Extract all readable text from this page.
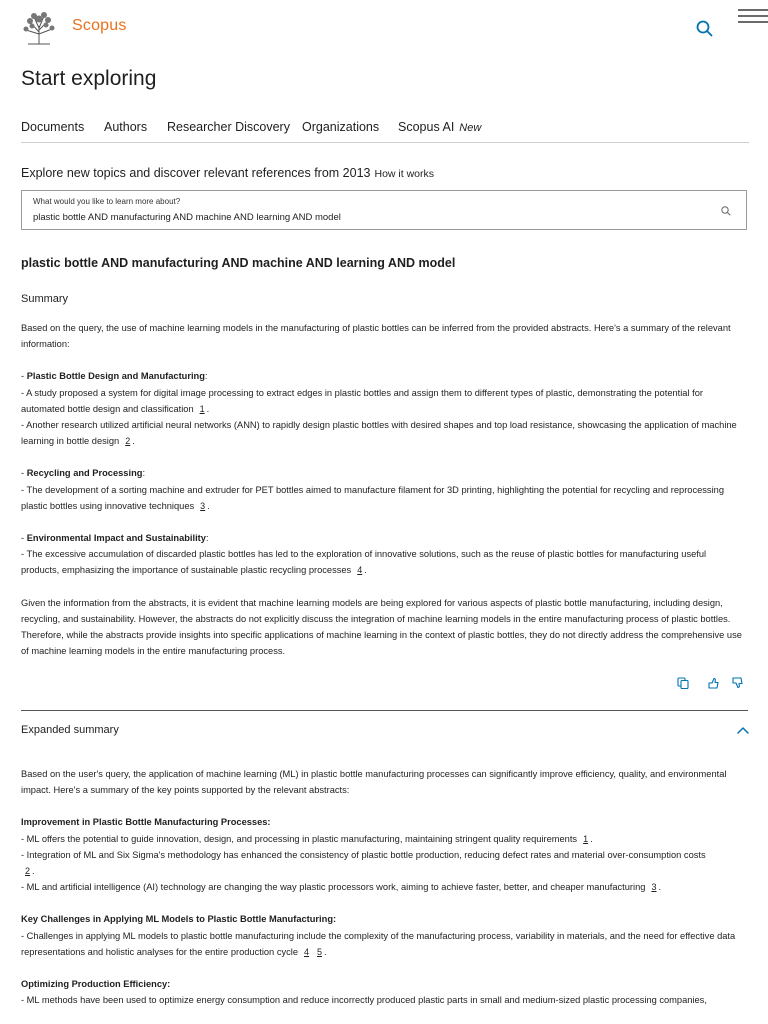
Scopus
Start exploring
Documents Authors Researcher Discovery Organizations Scopus AI New
Explore new topics and discover relevant references from 2013 How it works
What would you like to learn more about?
plastic bottle AND manufacturing AND machine AND learning AND model
plastic bottle AND manufacturing AND machine AND learning AND model
Summary

Based on the query, the use of machine learning models in the manufacturing of plastic bottles can be inferred from the provided abstracts. Here's a summary of the relevant information:

- Plastic Bottle Design and Manufacturing:
- A study proposed a system for digital image processing to extract edges in plastic bottles and assign them to different types of plastic, demonstrating the potential for automated bottle design and classification 1 .
- Another research utilized artificial neural networks (ANN) to rapidly design plastic bottles with desired shapes and top load resistance, showcasing the application of machine learning in bottle design 2 .
- Recycling and Processing:
- The development of a sorting machine and extruder for PET bottles aimed to manufacture filament for 3D printing, highlighting the potential for recycling and reprocessing plastic bottles using innovative techniques 3 .
- Environmental Impact and Sustainability:
- The excessive accumulation of discarded plastic bottles has led to the exploration of innovative solutions, such as the reuse of plastic bottles for manufacturing useful products, emphasizing the importance of sustainable plastic recycling processes 4 .

Given the information from the abstracts, it is evident that machine learning models are being explored for various aspects of plastic bottle manufacturing, including design, recycling, and sustainability. However, the abstracts do not explicitly discuss the integration of machine learning models in the entire manufacturing process of plastic bottles. Therefore, while the abstracts provide insights into specific applications of machine learning in the context of plastic bottles, they do not directly address the comprehensive use of machine learning models in the entire manufacturing process.

Expanded summary

Based on the user's query, the application of machine learning (ML) in plastic bottle manufacturing processes can significantly improve efficiency, quality, and environmental impact. Here's a summary of the key points supported by the relevant abstracts:

Improvement in Plastic Bottle Manufacturing Processes:
- ML offers the potential to guide innovation, design, and processing in plastic manufacturing, maintaining stringent quality requirements 1 .
- Integration of ML and Six Sigma's methodology has enhanced the consistency of plastic bottle production, reducing defect rates and material over-consumption costs
2 .
- ML and artificial intelligence (AI) technology are changing the way plastic processors work, aiming to achieve faster, better, and cheaper manufacturing 3 .
Key Challenges in Applying ML Models to Plastic Bottle Manufacturing:
- Challenges in applying ML models to plastic bottle manufacturing include the complexity of the manufacturing process, variability in materials, and the need for effective data representations and holistic analyses for the entire production cycle 4 5 .
Optimizing Production Efficiency:
- ML methods have been used to optimize energy consumption and reduce incorrectly produced plastic parts in small and medium-sized plastic processing companies,
